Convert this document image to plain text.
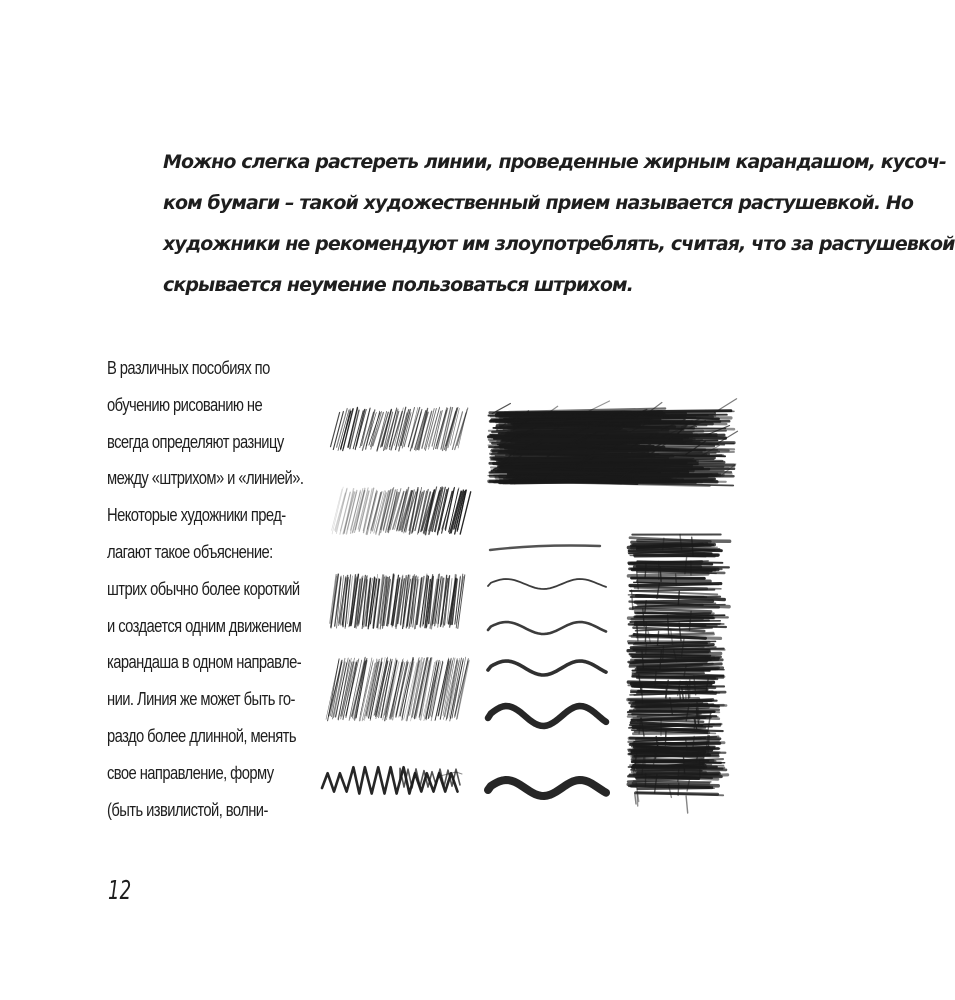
Можно слегка растереть линии, проведенные жирным карандашом, кусоч-
ком бумаги – такой художественный прием называется растушевкой. Но
художники не рекомендуют им злоупотреблять, считая, что за растушевкой
скрывается неумение пользоваться штрихом.
В различных пособиях по
обучению рисованию не
всегда определяют разницу
между «штрихом» и «линией».
Некоторые художники пред-
лагают такое объяснение:
штрих обычно более короткий
и создается одним движением
карандаша в одном направле-
нии. Линия же может быть го-
раздо более длинной, менять
свое направление, форму
(быть извилистой, волни-
12
